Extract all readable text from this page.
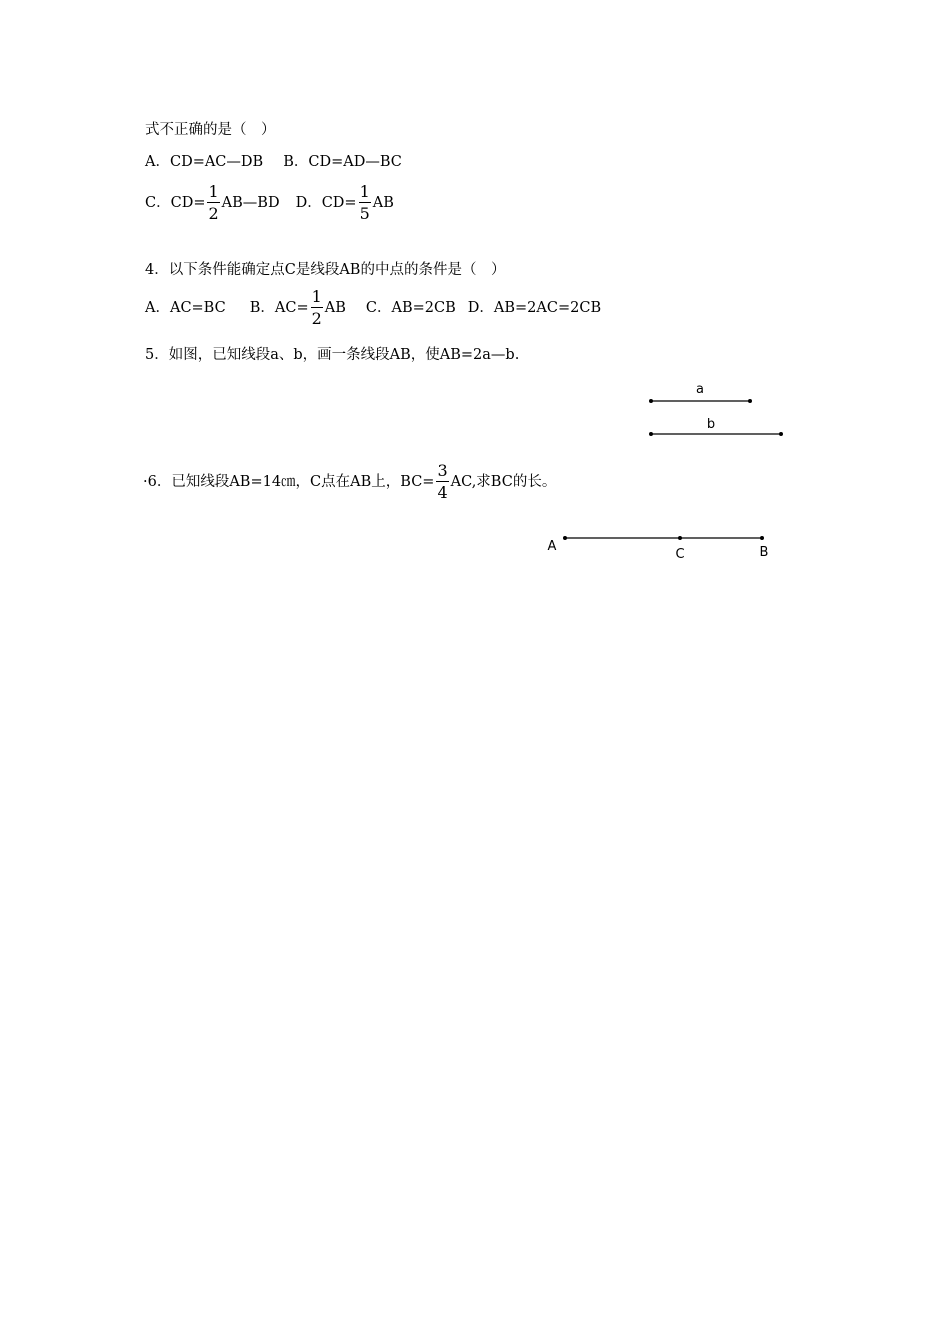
式不正确的是（　）
A．CD=AC—DB B．CD=AD—BC
C．$CD= \frac{1}{2}$ AB—BD D．$CD= \frac{1}{5}$ AB
4．以下条件能确定点C是线段AB的中点的条件是（　）
A．AC=BC B．$AC= \frac{1}{2}$ AB C．AB=2CB D．AB=2AC=2CB
5．如图，已知线段a、b，画一条线段AB，使AB=2a—b.
·6．已知线段AB=14㎝，C点在AB上，$BC= \frac{3}{4}$ AC,求BC的长。
a
b
A
C	B
